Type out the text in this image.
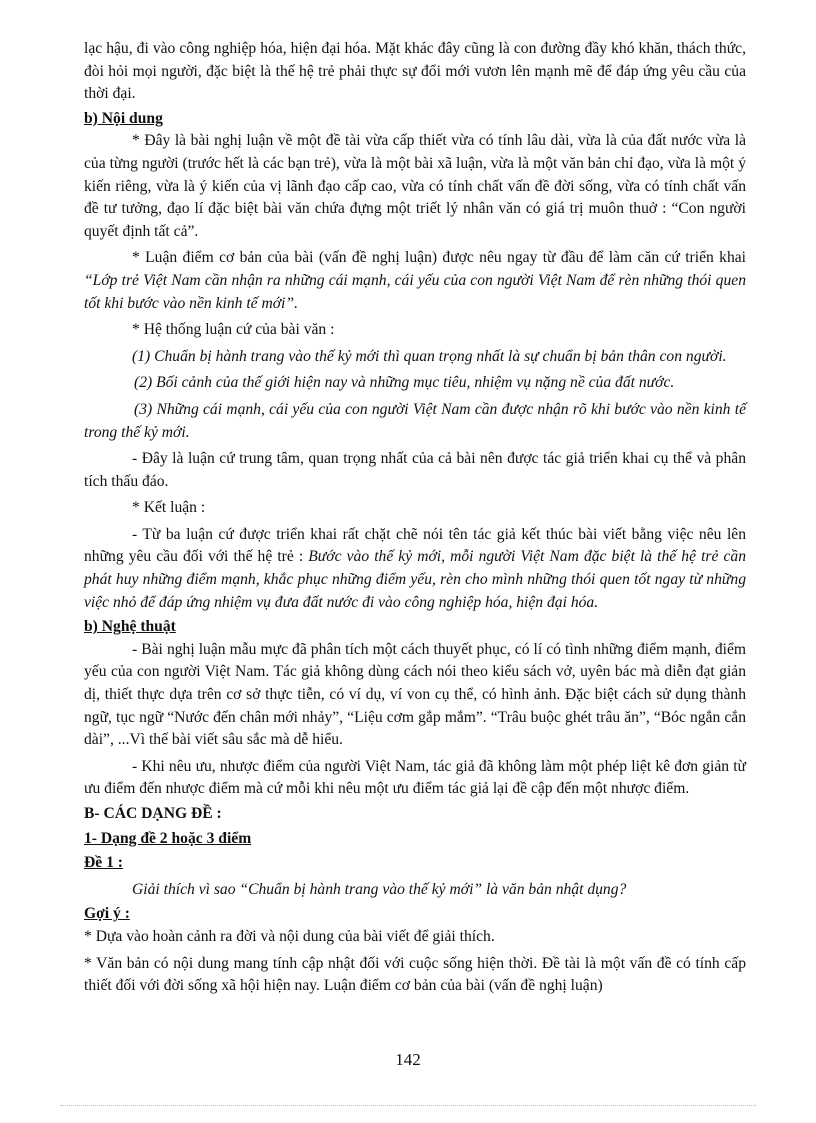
lạc hậu, đi vào công nghiệp hóa, hiện đại hóa. Mặt khác đây cũng là con đường đầy khó khăn, thách thức, đòi hỏi mọi người, đặc biệt là thế hệ trẻ phải thực sự đổi mới vươn lên mạnh mẽ để đáp ứng yêu cầu của thời đại.

b) Nội dung

* Đây là bài nghị luận về một đề tài vừa cấp thiết vừa có tính lâu dài, vừa là của đất nước vừa là của từng người (trước hết là các bạn trẻ), vừa là một bài xã luận, vừa là một văn bản chỉ đạo, vừa là một ý kiến riêng, vừa là ý kiến của vị lãnh đạo cấp cao, vừa có tính chất vấn đề đời sống, vừa có tính chất vấn đề tư tưởng, đạo lí đặc biệt bài văn chứa đựng một triết lý nhân văn có giá trị muôn thuở : “Con người quyết định tất cả”.

* Luận điểm cơ bản của bài (vấn đề nghị luận) được nêu ngay từ đầu để làm căn cứ triển khai “Lớp trẻ Việt Nam cần nhận ra những cái mạnh, cái yếu của con người Việt Nam để rèn những thói quen tốt khi bước vào nền kinh tế mới”.

* Hệ thống luận cứ của bài văn :

(1) Chuẩn bị hành trang vào thế kỷ mới thì quan trọng nhất là sự chuẩn bị bản thân con người.

(2) Bối cảnh của thế giới hiện nay và những mục tiêu, nhiệm vụ nặng nề của đất nước.

(3) Những cái mạnh, cái yếu của con người Việt Nam cần được nhận rõ khi bước vào nền kinh tế trong thế kỷ mới.

- Đây là luận cứ trung tâm, quan trọng nhất của cả bài nên được tác giả triển khai cụ thể và phân tích thấu đáo.

* Kết luận :

- Từ ba luận cứ được triển khai rất chặt chẽ nói tên tác giả kết thúc bài viết bằng việc nêu lên những yêu cầu đối với thế hệ trẻ : Bước vào thế kỷ mới, mỗi người Việt Nam đặc biệt là thế hệ trẻ cần phát huy những điểm mạnh, khắc phục những điểm yếu, rèn cho mình những thói quen tốt ngay từ những việc nhỏ để đáp ứng nhiệm vụ đưa đất nước đi vào công nghiệp hóa, hiện đại hóa.

b) Nghệ thuật

- Bài nghị luận mẫu mực đã phân tích một cách thuyết phục, có lí có tình những điểm mạnh, điểm yếu của con người Việt Nam. Tác giả không dùng cách nói theo kiểu sách vở, uyên bác mà diễn đạt giản dị, thiết thực dựa trên cơ sở thực tiễn, có ví dụ, ví von cụ thể, có hình ảnh. Đặc biệt cách sử dụng thành ngữ, tục ngữ “Nước đến chân mới nhảy”, “Liệu cơm gắp mắm”. “Trâu buộc ghét trâu ăn”, “Bóc ngắn cắn dài”, ...Vì thế bài viết sâu sắc mà dễ hiểu.

- Khi nêu ưu, nhược điểm của người Việt Nam, tác giả đã không làm một phép liệt kê đơn giản từ ưu điểm đến nhược điểm mà cứ mỗi khi nêu một ưu điểm tác giả lại đề cập đến một nhược điểm.

B- CÁC DẠNG ĐỀ :

1- Dạng đề 2 hoặc 3 điểm

Đề 1 :

Giải thích vì sao “Chuẩn bị hành trang vào thế kỷ mới” là văn bản nhật dụng?

Gợi ý :

* Dựa vào hoàn cảnh ra đời và nội dung của bài viết để giải thích.

* Văn bản có nội dung mang tính cập nhật đối với cuộc sống hiện thời. Đề tài là một vấn đề có tính cấp thiết đối với đời sống xã hội hiện nay. Luận điểm cơ bản của bài (vấn đề nghị luận)

142
